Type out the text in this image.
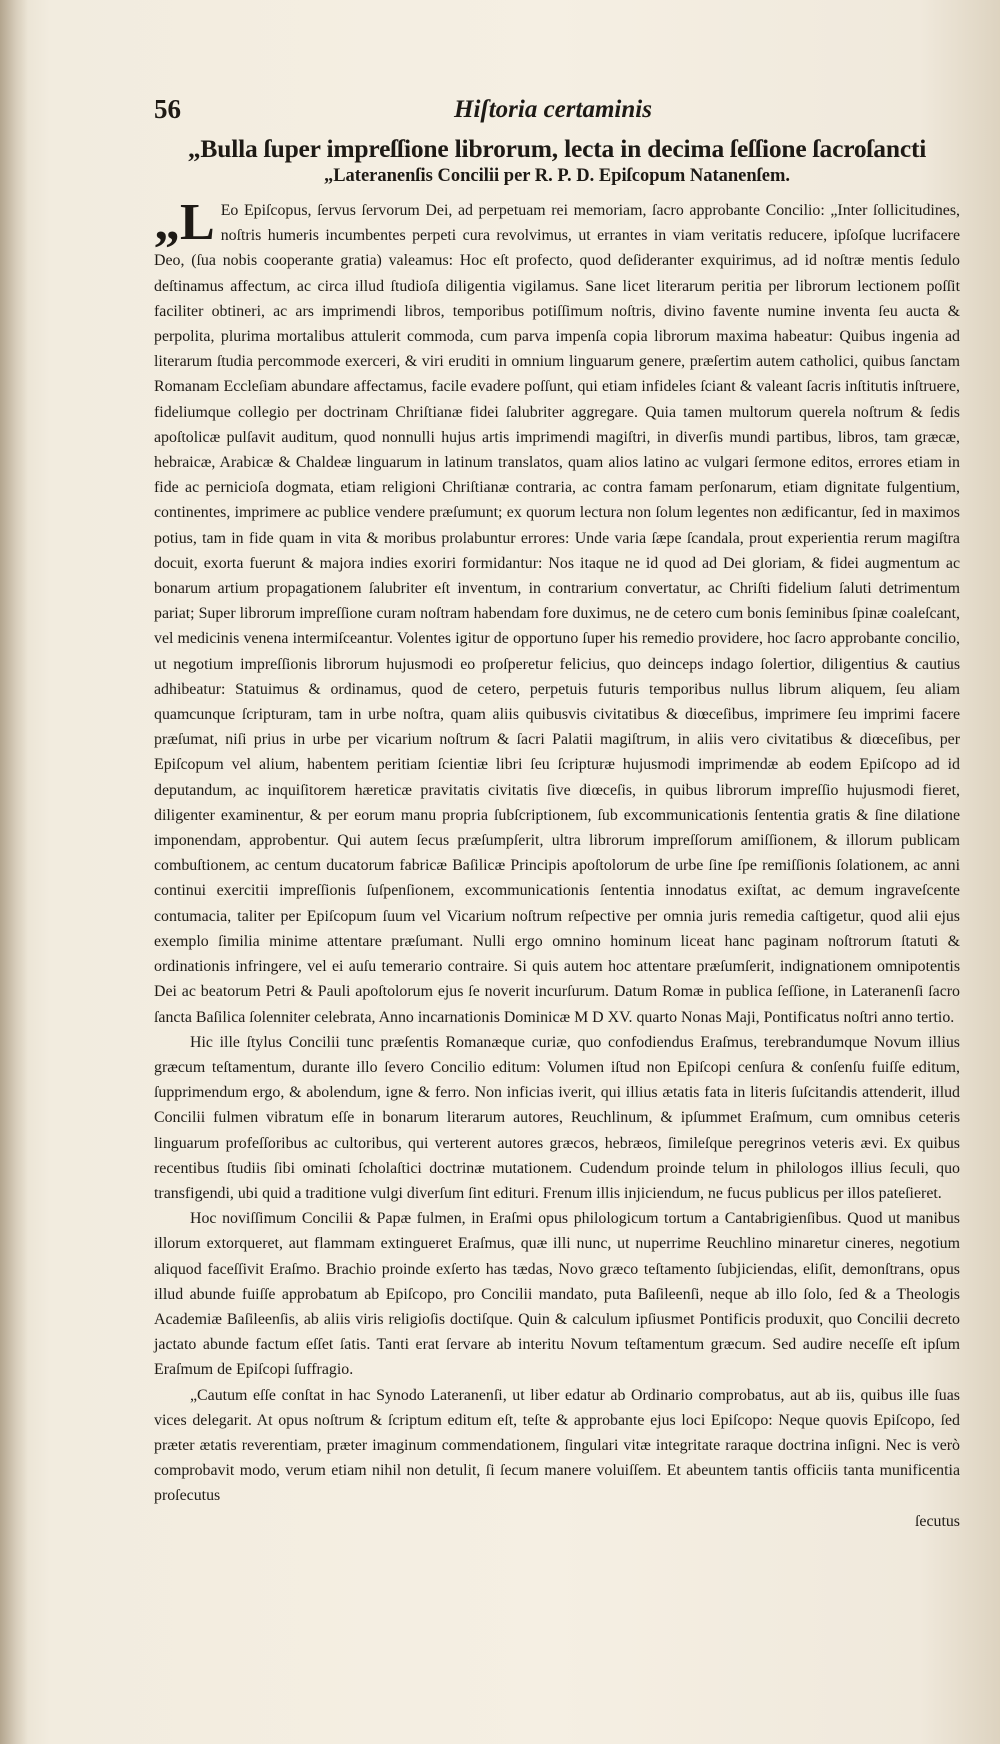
56	Hiſtoria certaminis

„Bulla ſuper impreſſione librorum, lecta in decima ſeſſione ſacroſancti

„Lateranenſis Concilii per R. P. D. Epiſcopum Natanenſem.

„L Eo Epiſcopus, ſervus ſervorum Dei, ad perpetuam rei memoriam, ſacro approbante Concilio: „Inter ſollicitudines, noſtris humeris incumbentes perpeti cura revolvimus, ut errantes in viam veritatis reducere, ipſoſque lucrifacere Deo, (ſua nobis cooperante gratia) valeamus: Hoc eſt profecto, quod deſideranter exquirimus, ad id noſtræ mentis ſedulo deſtinamus affectum, ac circa illud ſtudioſa diligentia vigilamus. Sane licet literarum peritia per librorum lectionem poſſit faciliter obtineri, ac ars imprimendi libros, temporibus potiſſimum noſtris, divino favente numine inventa ſeu aucta & perpolita, plurima mortalibus attulerit commoda, cum parva impenſa copia librorum maxima habeatur: Quibus ingenia ad literarum ſtudia percommode exerceri, & viri eruditi in omnium linguarum genere, præſertim autem catholici, quibus ſanctam Romanam Eccleſiam abundare affectamus, facile evadere poſſunt, qui etiam infideles ſciant & valeant ſacris inſtitutis inſtruere, fideliumque collegio per doctrinam Chriſtianæ fidei ſalubriter aggregare. Quia tamen multorum querela noſtrum & ſedis apoſtolicæ pulſavit auditum, quod nonnulli hujus artis imprimendi magiſtri, in diverſis mundi partibus, libros, tam græcæ, hebraicæ, Arabicæ & Chaldeæ linguarum in latinum translatos, quam alios latino ac vulgari ſermone editos, errores etiam in fide ac pernicioſa dogmata, etiam religioni Chriſtianæ contraria, ac contra famam perſonarum, etiam dignitate fulgentium, continentes, imprimere ac publice vendere præſumunt; ex quorum lectura non ſolum legentes non ædificantur, ſed in maximos potius, tam in fide quam in vita & moribus prolabuntur errores: Unde varia ſæpe ſcandala, prout experientia rerum magiſtra docuit, exorta fuerunt & majora indies exoriri formidantur: Nos itaque ne id quod ad Dei gloriam, & fidei augmentum ac bonarum artium propagationem ſalubriter eſt inventum, in contrarium convertatur, ac Chriſti fidelium ſaluti detrimentum pariat; Super librorum impreſſione curam noſtram habendam fore duximus, ne de cetero cum bonis ſeminibus ſpinæ coaleſcant, vel medicinis venena intermiſceantur. Volentes igitur de opportuno ſuper his remedio providere, hoc ſacro approbante concilio, ut negotium impreſſionis librorum hujusmodi eo proſperetur felicius, quo deinceps indago ſolertior, diligentius & cautius adhibeatur: Statuimus & ordinamus, quod de cetero, perpetuis futuris temporibus nullus librum aliquem, ſeu aliam quamcunque ſcripturam, tam in urbe noſtra, quam aliis quibusvis civitatibus & diœceſibus, imprimere ſeu imprimi facere præſumat, niſi prius in urbe per vicarium noſtrum & ſacri Palatii magiſtrum, in aliis vero civitatibus & diœceſibus, per Epiſcopum vel alium, habentem peritiam ſcientiæ libri ſeu ſcripturæ hujusmodi imprimendæ ab eodem Epiſcopo ad id deputandum, ac inquiſitorem hæreticæ pravitatis civitatis ſive diœceſis, in quibus librorum impreſſio hujusmodi fieret, diligenter examinentur, & per eorum manu propria ſubſcriptionem, ſub excommunicationis ſententia gratis & ſine dilatione imponendam, approbentur. Qui autem ſecus præſumpſerit, ultra librorum impreſſorum amiſſionem, & illorum publicam combuſtionem, ac centum ducatorum fabricæ Baſilicæ Principis apoſtolorum de urbe ſine ſpe remiſſionis ſolationem, ac anni continui exercitii impreſſionis ſuſpenſionem, excommunicationis ſententia innodatus exiſtat, ac demum ingraveſcente contumacia, taliter per Epiſcopum ſuum vel Vicarium noſtrum reſpective per omnia juris remedia caſtigetur, quod alii ejus exemplo ſimilia minime attentare præſumant. Nulli ergo omnino hominum liceat hanc paginam noſtrorum ſtatuti & ordinationis infringere, vel ei auſu temerario contraire. Si quis autem hoc attentare præſumſerit, indignationem omnipotentis Dei ac beatorum Petri & Pauli apoſtolorum ejus ſe noverit incurſurum. Datum Romæ in publica ſeſſione, in Lateranenſi ſacro ſancta Baſilica ſolenniter celebrata, Anno incarnationis Dominicæ M D XV. quarto Nonas Maji, Pontificatus noſtri anno tertio.

Hic ille ſtylus Concilii tunc præſentis Romanæque curiæ, quo confodiendus Eraſmus, terebrandumque Novum illius græcum teſtamentum, durante illo ſevero Concilio editum: Volumen iſtud non Epiſcopi cenſura & conſenſu fuiſſe editum, ſupprimendum ergo, & abolendum, igne & ferro. Non inficias iverit, qui illius ætatis fata in literis ſuſcitandis attenderit, illud Concilii fulmen vibratum eſſe in bonarum literarum autores, Reuchlinum, & ipſummet Eraſmum, cum omnibus ceteris linguarum profeſſoribus ac cultoribus, qui verterent autores græcos, hebræos, ſimileſque peregrinos veteris ævi. Ex quibus recentibus ſtudiis ſibi ominati ſcholaſtici doctrinæ mutationem. Cudendum proinde telum in philologos illius ſeculi, quo transfigendi, ubi quid a traditione vulgi diverſum ſint edituri. Frenum illis injiciendum, ne fucus publicus per illos pateſieret.

Hoc noviſſimum Concilii & Papæ fulmen, in Eraſmi opus philologicum tortum a Cantabrigienſibus. Quod ut manibus illorum extorqueret, aut flammam extingueret Eraſmus, quæ illi nunc, ut nuperrime Reuchlino minaretur cineres, negotium aliquod faceſſivit Eraſmo. Brachio proinde exſerto has tædas, Novo græco teſtamento ſubjiciendas, eliſit, demonſtrans, opus illud abunde fuiſſe approbatum ab Epiſcopo, pro Concilii mandato, puta Baſileenſi, neque ab illo ſolo, ſed & a Theologis Academiæ Baſileenſis, ab aliis viris religioſis doctiſque. Quin & calculum ipſiusmet Pontificis produxit, quo Concilii decreto jactato abunde factum eſſet ſatis. Tanti erat ſervare ab interitu Novum teſtamentum græcum. Sed audire neceſſe eſt ipſum Eraſmum de Epiſcopi ſuffragio.

„Cautum eſſe conſtat in hac Synodo Lateranenſi, ut liber edatur ab Ordinario comprobatus, aut ab iis, quibus ille ſuas vices delegarit. At opus noſtrum & ſcriptum editum eſt, teſte & approbante ejus loci Epiſcopo: Neque quovis Epiſcopo, ſed præter ætatis reverentiam, præter imaginum commendationem, ſingulari vitæ integritate raraque doctrina inſigni. Nec is verò comprobavit modo, verum etiam nihil non detulit, ſi ſecum manere voluiſſem. Et abeuntem tantis officiis tanta munificentia proſecutus

ſecutus
